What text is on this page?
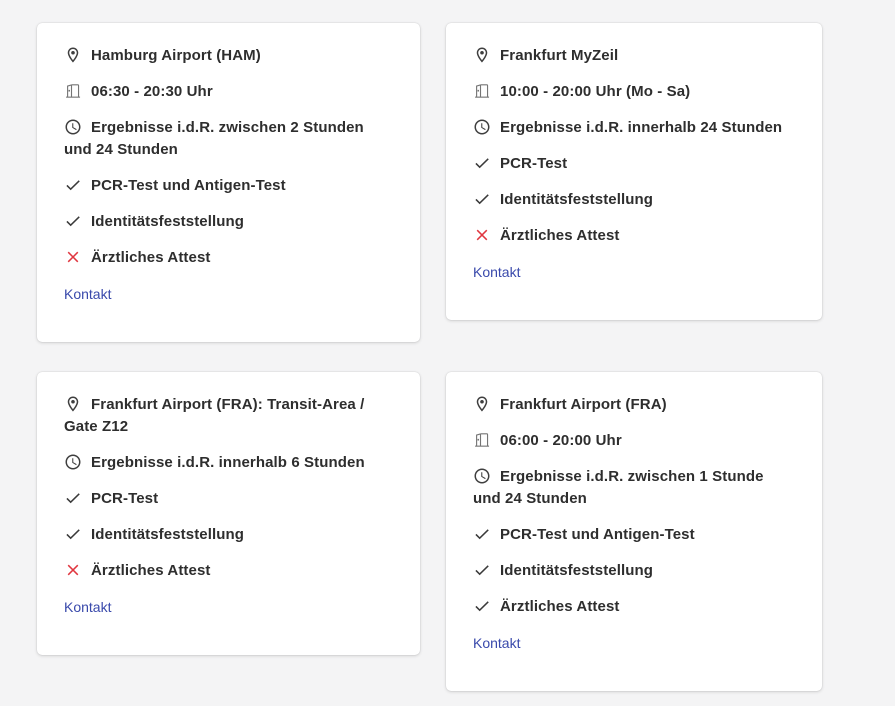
Hamburg Airport (HAM)

06:30 - 20:30 Uhr

Ergebnisse i.d.R. zwischen 2 Stunden und 24 Stunden

PCR-Test und Antigen-Test

Identitätsfeststellung

Ärztliches Attest

Kontakt

Frankfurt MyZeil

10:00 - 20:00 Uhr (Mo - Sa)

Ergebnisse i.d.R. innerhalb 24 Stunden

PCR-Test

Identitätsfeststellung

Ärztliches Attest

Kontakt

Frankfurt Airport (FRA): Transit-Area / Gate Z12

Ergebnisse i.d.R. innerhalb 6 Stunden

PCR-Test

Identitätsfeststellung

Ärztliches Attest

Kontakt

Frankfurt Airport (FRA)

06:00 - 20:00 Uhr

Ergebnisse i.d.R. zwischen 1 Stunde und 24 Stunden

PCR-Test und Antigen-Test

Identitätsfeststellung

Ärztliches Attest

Kontakt
